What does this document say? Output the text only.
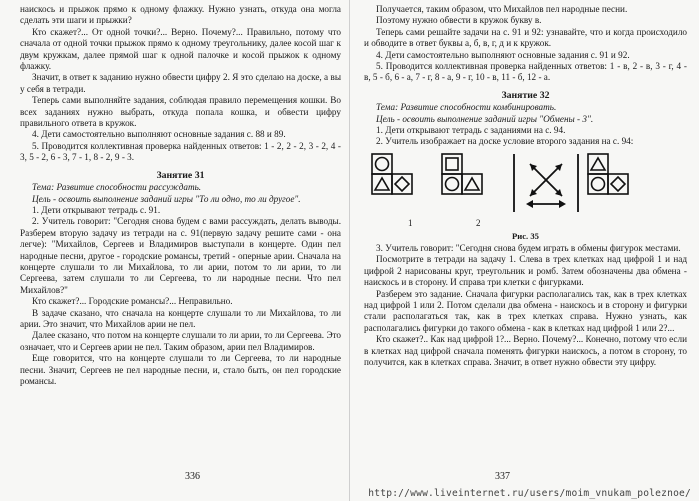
наискось и прыжок прямо к одному флажку. Нужно узнать, откуда она могла сделать эти шаги и прыжки?

Кто скажет?... От одной точки?... Верно. Почему?... Правильно, потому что сначала от одной точки прыжок прямо к одному треугольнику, далее косой шаг к двум кружкам, далее прямой шаг к одной палочке и косой прыжок к одному флажку.

Значит, в ответ к заданию нужно обвести цифру 2. Я это сделаю на доске, а вы у себя в тетради.

Теперь сами выполняйте задания, соблюдая правило перемещения кошки. Во всех заданиях нужно выбрать, откуда попала кошка, и обвести цифру правильного ответа в кружок.

4. Дети самостоятельно выполняют основные задания с. 88 и 89.

5. Проводится коллективная проверка найденных ответов: 1 - 2, 2 - 2, 3 - 2, 4 - 3, 5 - 2, 6 - 3, 7 - 1, 8 - 2, 9 - 3.

Занятие 31

Тема: Развитие способности рассуждать.

Цель - освоить выполнение заданий игры "То ли одно, то ли другое".

1. Дети открывают тетрадь с. 91.

2. Учитель говорит: "Сегодня снова будем с вами рассуждать, делать выводы. Разберем вторую задачу из тетради на с. 91(первую задачу решите сами - она легче): "Михайлов, Сергеев и Владимиров выступали в концерте. Один пел народные песни, другое - городские романсы, третий - оперные арии. Сначала на концерте слушали то ли Михайлова, то ли арии, потом то ли арии, то ли Сергеева, затем слушали то ли Сергеева, то ли народные песни. Что пел Михайлов?"

Кто скажет?... Городские романсы?... Неправильно.

В задаче сказано, что сначала на концерте слушали то ли Михайлова, то ли арии. Это значит, что Михайлов арии не пел.

Далее сказано, что потом на концерте слушали то ли арии, то ли Сергеева. Это означает, что и Сергеев арии не пел. Таким образом, арии пел Владимиров.

Еще говорится, что на концерте слушали то ли Сергеева, то ли народные песни. Значит, Сергеев не пел народные песни, и, стало быть, он пел городские романсы.

336

Получается, таким образом, что Михайлов пел народные песни.

Поэтому нужно обвести в кружок букву в.

Теперь сами решайте задачи на с. 91 и 92: узнавайте, что и когда происходило и обводите в ответ буквы а, б, в, г, д и к кружок.

4. Дети самостоятельно выполняют основные задания с. 91 и 92.

5. Проводится коллективная проверка найденных ответов: 1 - в, 2 - в, 3 - г, 4 - в, 5 - б, 6 - а, 7 - г, 8 - а, 9 - г, 10 - в, 11 - б, 12 - а.

Занятие 32

Тема: Развитие способности комбинировать.

Цель - освоить выполнение заданий игры "Обмены - 3".

1. Дети открывают тетрадь с заданиями на с. 94.

2. Учитель изображает на доске условие второго задания на с. 94:

1	2
Рис. 35

3. Учитель говорит: "Сегодня снова будем играть в обмены фигурок местами.

Посмотрите в тетради на задачу 1. Слева в трех клетках над цифрой 1 и над цифрой 2 нарисованы круг, треугольник и ромб. Затем обозначены два обмена - наискось и в сторону. И справа три клетки с фигурками.

Разберем это задание. Сначала фигурки располагались так, как в трех клетках над цифрой 1 или 2. Потом сделали два обмена - наискось и в сторону и фигурки стали располагаться так, как в трех клетках справа. Нужно узнать, как располагались фигурки до такого обмена - как в клетках над цифрой 1 или 2?...

Кто скажет?.. Как над цифрой 1?... Верно. Почему?... Конечно, потому что если в клетках над цифрой сначала поменять фигурки наискось, а потом в сторону, то получится, как в клетках справа. Значит, в ответ нужно обвести эту цифру.

337
http://www.liveinternet.ru/users/moim_vnukam_poleznoe/
